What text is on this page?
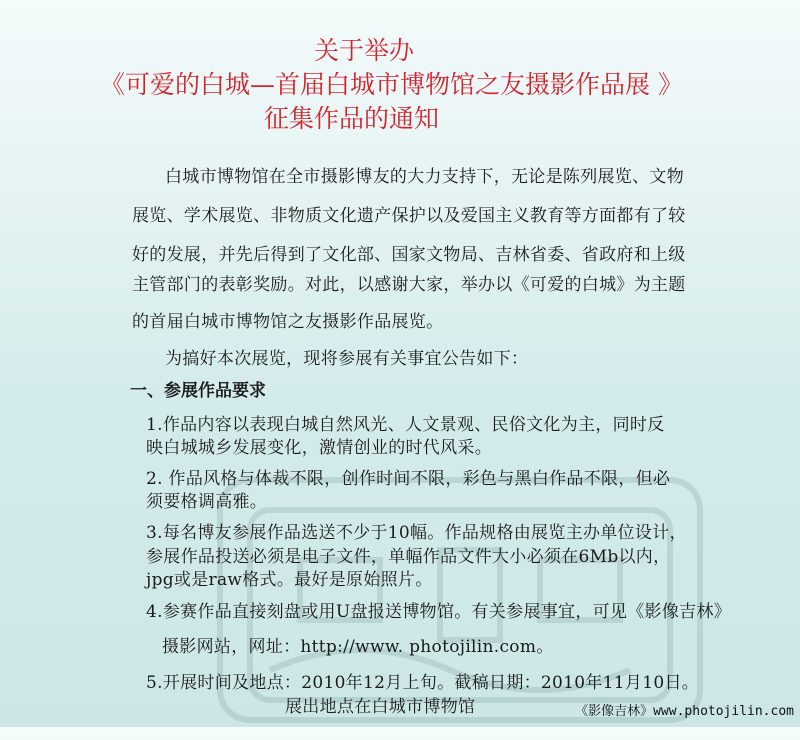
关于举办
《可爱的白城—首届白城市博物馆之友摄影作品展 》
征集作品的通知
白城市博物馆在全市摄影博友的大力支持下，无论是陈列展览、文物
展览、学术展览、非物质文化遗产保护以及爱国主义教育等方面都有了较
好的发展，并先后得到了文化部、国家文物局、吉林省委、省政府和上级
主管部门的表彰奖励。对此，以感谢大家，举办以《可爱的白城》为主题
的首届白城市博物馆之友摄影作品展览。
为搞好本次展览，现将参展有关事宜公告如下：
一、参展作品要求
1.作品内容以表现白城自然风光、人文景观、民俗文化为主，同时反
映白城城乡发展变化，激情创业的时代风采。
2. 作品风格与体裁不限，创作时间不限，彩色与黑白作品不限，但必
须要格调高雅。
3.每名博友参展作品选送不少于10幅。作品规格由展览主办单位设计，
参展作品投送必须是电子文件，单幅作品文件大小必须在6Mb以内，
jpg或是raw格式。最好是原始照片。
4.参赛作品直接刻盘或用U盘报送博物馆。有关参展事宜，可见《影像吉林》
摄影网站，网址：http://www. photojilin.com。
5.开展时间及地点：2010年12月上旬。截稿日期：2010年11月10日。
展出地点在白城市博物馆	《影像吉林》www.photojilin.com
